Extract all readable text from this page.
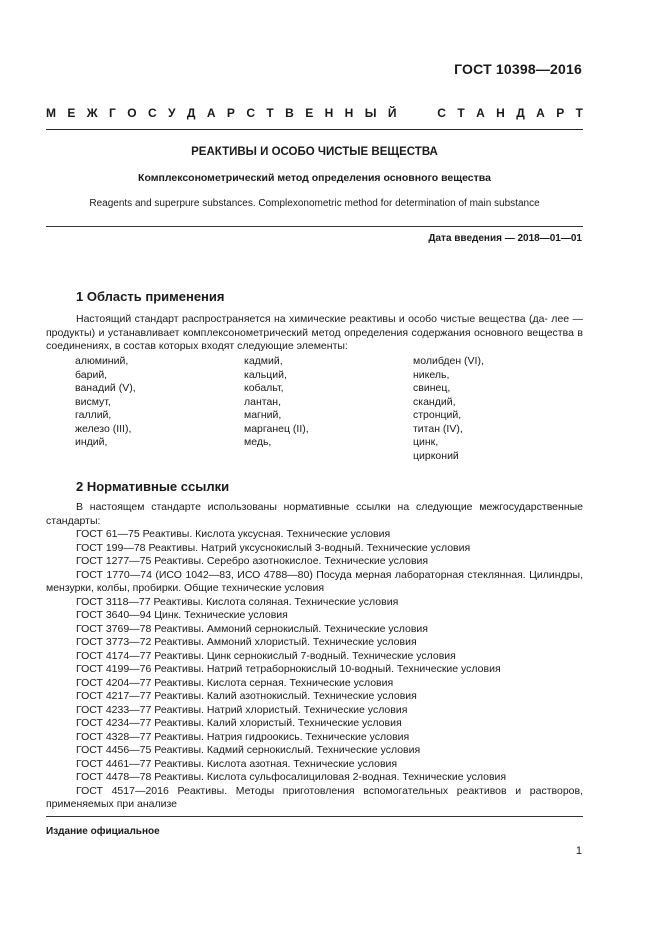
ГОСТ 10398—2016
М Е Ж Г О С У Д А Р С Т В Е Н Н Ы Й	С Т А Н Д А Р Т
РЕАКТИВЫ И ОСОБО ЧИСТЫЕ ВЕЩЕСТВА
Комплексонометрический метод определения основного вещества
Reagents and superpure substances. Complexonometric method for determination of main substance
Дата введения — 2018—01—01
1 Область применения
Настоящий стандарт распространяется на химические реактивы и особо чистые вещества (да- лее — продукты) и устанавливает комплексонометрический метод определения содержания основного вещества в соединениях, в состав которых входят следующие элементы:
алюминий,
барий,
ванадий (V),
висмут,
галлий,
железо (III),
индий,
кадмий,
кальций,
кобальт,
лантан,
магний,
марганец (II),
медь,
молибден (VI),
никель,
свинец,
скандий,
стронций,
титан (IV),
цинк,
цирконий
2 Нормативные ссылки
В настоящем стандарте использованы нормативные ссылки на следующие межгосударственные стандарты:
ГОСТ 61—75 Реактивы. Кислота уксусная. Технические условия
ГОСТ 199—78 Реактивы. Натрий уксуснокислый 3-водный. Технические условия
ГОСТ 1277—75 Реактивы. Серебро азотнокислое. Технические условия
ГОСТ 1770—74 (ИСО 1042—83, ИСО 4788—80) Посуда мерная лабораторная стеклянная. Цилиндры, мензурки, колбы, пробирки. Общие технические условия
ГОСТ 3118—77 Реактивы. Кислота соляная. Технические условия
ГОСТ 3640—94 Цинк. Технические условия
ГОСТ 3769—78 Реактивы. Аммоний сернокислый. Технические условия
ГОСТ 3773—72 Реактивы. Аммоний хлористый. Технические условия
ГОСТ 4174—77 Реактивы. Цинк сернокислый 7-водный. Технические условия
ГОСТ 4199—76 Реактивы. Натрий тетраборнокислый 10-водный. Технические условия
ГОСТ 4204—77 Реактивы. Кислота серная. Технические условия
ГОСТ 4217—77 Реактивы. Калий азотнокислый. Технические условия
ГОСТ 4233—77 Реактивы. Натрий хлористый. Технические условия
ГОСТ 4234—77 Реактивы. Калий хлористый. Технические условия
ГОСТ 4328—77 Реактивы. Натрия гидроокись. Технические условия
ГОСТ 4456—75 Реактивы. Кадмий сернокислый. Технические условия
ГОСТ 4461—77 Реактивы. Кислота азотная. Технические условия
ГОСТ 4478—78 Реактивы. Кислота сульфосалициловая 2-водная. Технические условия
ГОСТ 4517—2016 Реактивы. Методы приготовления вспомогательных реактивов и растворов, применяемых при анализе
Издание официальное
1
